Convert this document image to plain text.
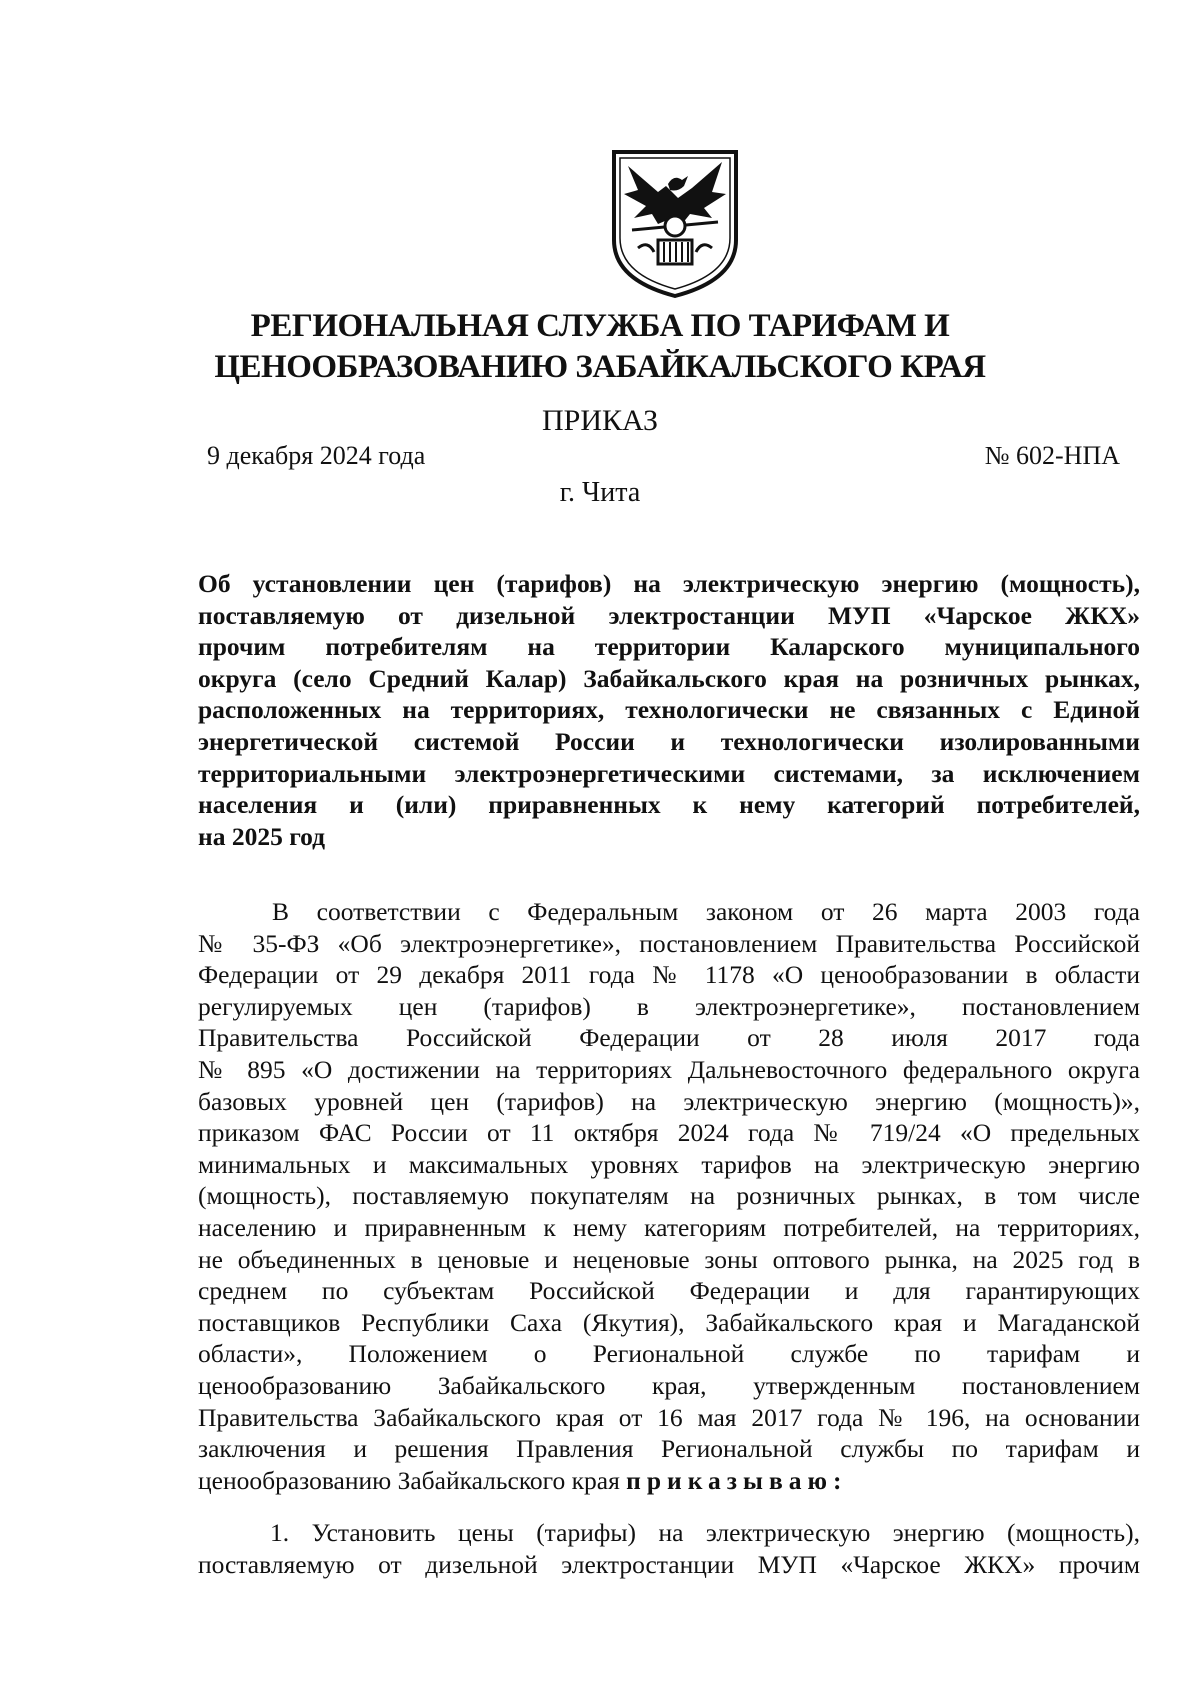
РЕГИОНАЛЬНАЯ СЛУЖБА ПО ТАРИФАМ И
ЦЕНООБРАЗОВАНИЮ ЗАБАЙКАЛЬСКОГО КРАЯ
ПРИКАЗ
9 декабря 2024 года	№ 602-НПА
г. Чита
Об установлении цен (тарифов) на электрическую энергию (мощность),
поставляемую от дизельной электростанции МУП «Чарское ЖКХ»
прочим потребителям на территории Каларского муниципального
округа (село Средний Калар) Забайкальского края на розничных рынках,
расположенных на территориях, технологически не связанных с Единой
энергетической системой России и технологически изолированными
территориальными электроэнергетическими системами, за исключением
населения и (или) приравненных к нему категорий потребителей,
на 2025 год
В соответствии с Федеральным законом от 26 марта 2003 года
№ 35-ФЗ «Об электроэнергетике», постановлением Правительства Российской
Федерации от 29 декабря 2011 года № 1178 «О ценообразовании в области
регулируемых цен (тарифов) в электроэнергетике», постановлением
Правительства Российской Федерации от 28 июля 2017 года
№ 895 «О достижении на территориях Дальневосточного федерального округа
базовых уровней цен (тарифов) на электрическую энергию (мощность)»,
приказом ФАС России от 11 октября 2024 года № 719/24 «О предельных
минимальных и максимальных уровнях тарифов на электрическую энергию
(мощность), поставляемую покупателям на розничных рынках, в том числе
населению и приравненным к нему категориям потребителей, на территориях,
не объединенных в ценовые и неценовые зоны оптового рынка, на 2025 год в
среднем по субъектам Российской Федерации и для гарантирующих
поставщиков Республики Саха (Якутия), Забайкальского края и Магаданской
области», Положением о Региональной службе по тарифам и
ценообразованию Забайкальского края, утвержденным постановлением
Правительства Забайкальского края от 16 мая 2017 года № 196, на основании
заключения и решения Правления Региональной службы по тарифам и
ценообразованию Забайкальского края приказываю:
1. Установить цены (тарифы) на электрическую энергию (мощность),
поставляемую от дизельной электростанции МУП «Чарское ЖКХ» прочим
